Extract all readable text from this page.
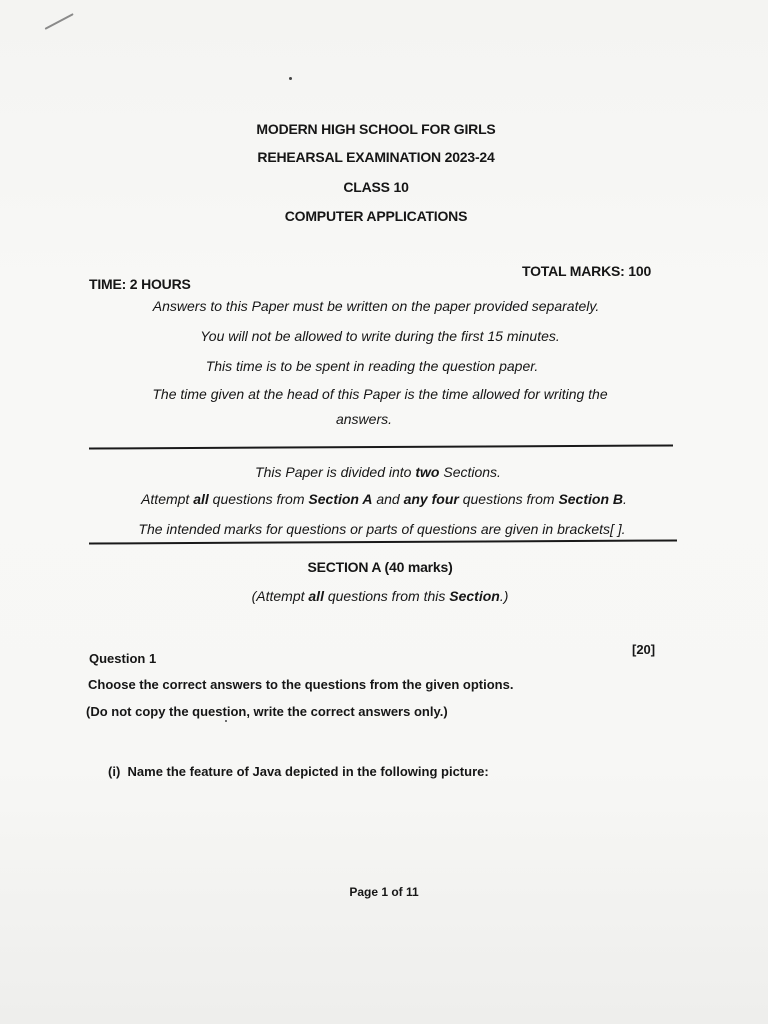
MODERN HIGH SCHOOL FOR GIRLS
REHEARSAL EXAMINATION 2023-24
CLASS 10
COMPUTER APPLICATIONS
TIME: 2 HOURS
TOTAL MARKS: 100
Answers to this Paper must be written on the paper provided separately.
You will not be allowed to write during the first 15 minutes.
This time is to be spent in reading the question paper.
The time given at the head of this Paper is the time allowed for writing the
answers.
This Paper is divided into two Sections.
Attempt all questions from Section A and any four questions from Section B.
The intended marks for questions or parts of questions are given in brackets[ ].
SECTION A (40 marks)
(Attempt all questions from this Section.)
Question 1
[20]
Choose the correct answers to the questions from the given options.
(Do not copy the question, write the correct answers only.)
(i) Name the feature of Java depicted in the following picture:
Page 1 of 11
